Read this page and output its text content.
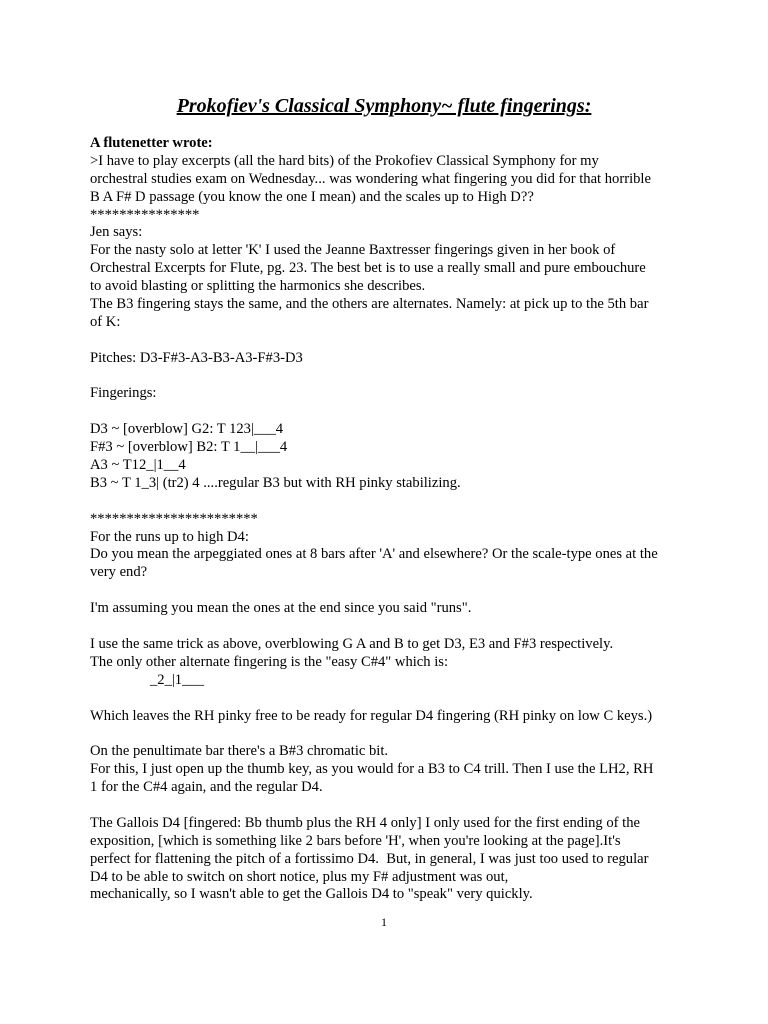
Prokofiev's Classical Symphony~ flute fingerings:
A flutenetter wrote:
>I have to play excerpts (all the hard bits) of the Prokofiev Classical Symphony for my
orchestral studies exam on Wednesday... was wondering what fingering you did for that horrible
B A F# D passage (you know the one I mean) and the scales up to High D??
***************
Jen says:
For the nasty solo at letter 'K' I used the Jeanne Baxtresser fingerings given in her book of
Orchestral Excerpts for Flute, pg. 23. The best bet is to use a really small and pure embouchure
to avoid blasting or splitting the harmonics she describes.
The B3 fingering stays the same, and the others are alternates. Namely: at pick up to the 5th bar
of K:
Pitches: D3-F#3-A3-B3-A3-F#3-D3
Fingerings:
D3 ~ [overblow] G2: T 123|___4
F#3 ~ [overblow] B2: T 1__|___4
A3 ~ T12_|1__4
B3 ~ T 1_3| (tr2) 4 ....regular B3 but with RH pinky stabilizing.
***********************
For the runs up to high D4:
Do you mean the arpeggiated ones at 8 bars after 'A' and elsewhere? Or the scale-type ones at the
very end?
I'm assuming you mean the ones at the end since you said "runs".
I use the same trick as above, overblowing G A and B to get D3, E3 and F#3 respectively.
The only other alternate fingering is the "easy C#4" which is:
_2_|1___
Which leaves the RH pinky free to be ready for regular D4 fingering (RH pinky on low C keys.)
On the penultimate bar there's a B#3 chromatic bit.
For this, I just open up the thumb key, as you would for a B3 to C4 trill. Then I use the LH2, RH
1 for the C#4 again, and the regular D4.
The Gallois D4 [fingered: Bb thumb plus the RH 4 only] I only used for the first ending of the
exposition, [which is something like 2 bars before 'H', when you're looking at the page].It's
perfect for flattening the pitch of a fortissimo D4.  But, in general, I was just too used to regular
D4 to be able to switch on short notice, plus my F# adjustment was out,
mechanically, so I wasn't able to get the Gallois D4 to "speak" very quickly.
1
